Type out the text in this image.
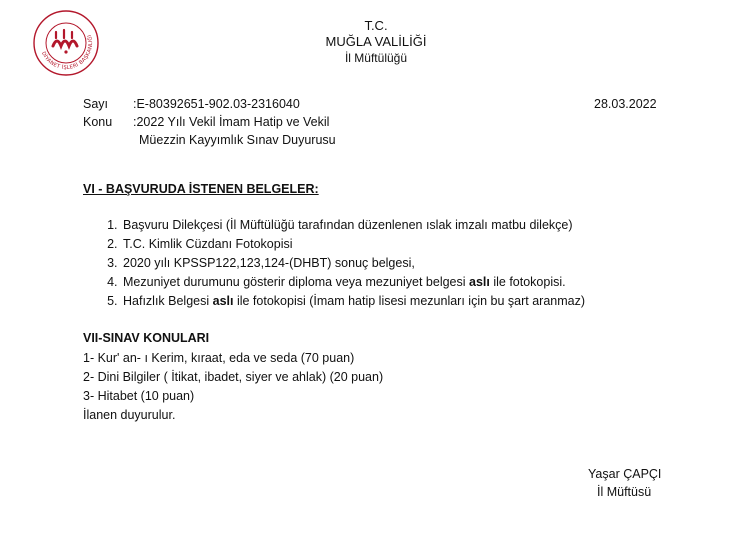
DİYANET İŞLERİ BAŞKANLIĞI
T.C.
MUĞLA VALİLİĞİ
İl Müftülüğü
Sayı	:E-80392651-902.03-2316040
Konu	:2022 Yılı Vekil İmam Hatip ve Vekil
Müezzin Kayyımlık Sınav Duyurusu
28.03.2022
VI - BAŞVURUDA İSTENEN BELGELER:
1. Başvuru Dilekçesi (İl Müftülüğü tarafından düzenlenen ıslak imzalı matbu dilekçe)
2. T.C. Kimlik Cüzdanı Fotokopisi
3. 2020 yılı KPSSP122,123,124-(DHBT) sonuç belgesi,
4. Mezuniyet durumunu gösterir diploma veya mezuniyet belgesi aslı ile fotokopisi.
5. Hafızlık Belgesi aslı ile fotokopisi (İmam hatip lisesi mezunları için bu şart aranmaz)
VII-SINAV KONULARI
1- Kur' an- ı Kerim, kıraat, eda ve seda (70 puan)
2- Dini Bilgiler ( İtikat, ibadet, siyer ve ahlak) (20 puan)
3- Hitabet (10 puan)
İlanen duyurulur.
Yaşar ÇAPÇI
İl Müftüsü
